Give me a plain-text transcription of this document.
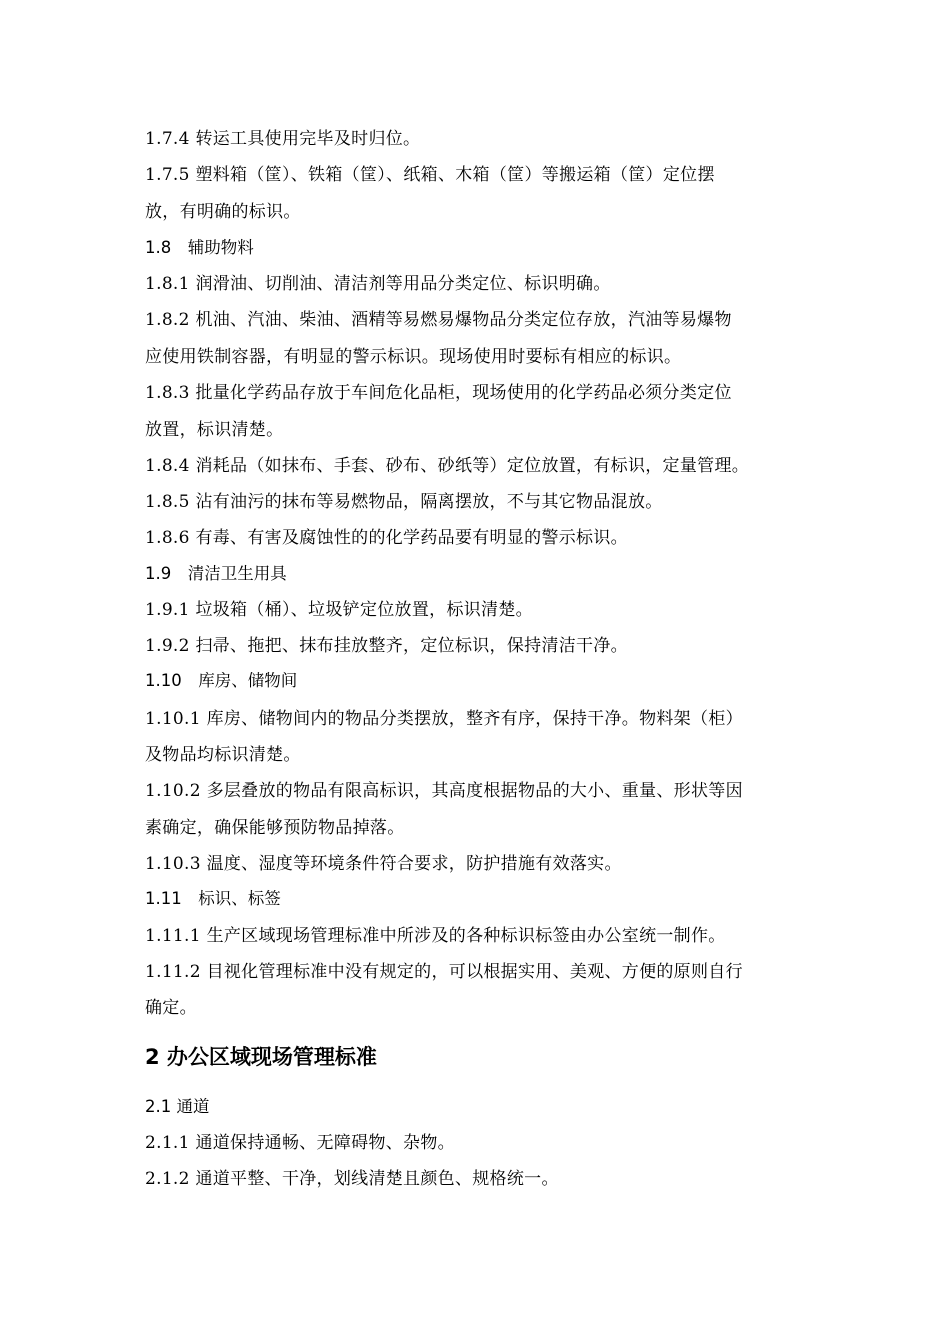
1.7.4 转运工具使用完毕及时归位。
1.7.5 塑料箱（筐）、铁箱（筐）、纸箱、木箱（筐）等搬运箱（筐）定位摆
放，有明确的标识。
1.8　辅助物料
1.8.1 润滑油、切削油、清洁剂等用品分类定位、标识明确。
1.8.2 机油、汽油、柴油、酒精等易燃易爆物品分类定位存放，汽油等易爆物
应使用铁制容器，有明显的警示标识。现场使用时要标有相应的标识。
1.8.3 批量化学药品存放于车间危化品柜，现场使用的化学药品必须分类定位
放置，标识清楚。
1.8.4 消耗品（如抹布、手套、砂布、砂纸等）定位放置，有标识，定量管理。
1.8.5 沾有油污的抹布等易燃物品，隔离摆放，不与其它物品混放。
1.8.6 有毒、有害及腐蚀性的的化学药品要有明显的警示标识。
1.9　清洁卫生用具
1.9.1 垃圾箱（桶）、垃圾铲定位放置，标识清楚。
1.9.2 扫帚、拖把、抹布挂放整齐，定位标识，保持清洁干净。
1.10　库房、储物间
1.10.1 库房、储物间内的物品分类摆放，整齐有序，保持干净。物料架（柜）
及物品均标识清楚。
1.10.2 多层叠放的物品有限高标识，其高度根据物品的大小、重量、形状等因
素确定，确保能够预防物品掉落。
1.10.3 温度、湿度等环境条件符合要求，防护措施有效落实。
1.11　标识、标签
1.11.1 生产区域现场管理标准中所涉及的各种标识标签由办公室统一制作。
1.11.2 目视化管理标准中没有规定的，可以根据实用、美观、方便的原则自行
确定。
2 办公区域现场管理标准
2.1 通道
2.1.1 通道保持通畅、无障碍物、杂物。
2.1.2 通道平整、干净，划线清楚且颜色、规格统一。
